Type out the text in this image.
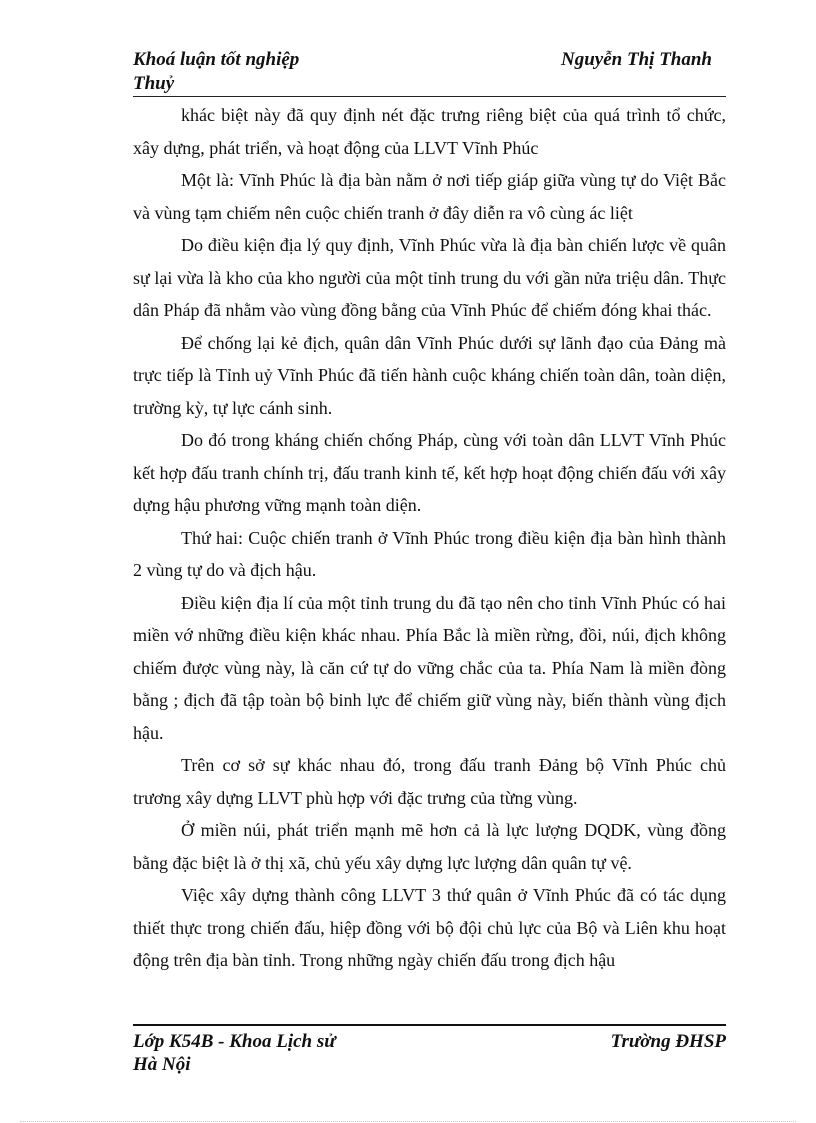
Khoá luận tốt nghiệp	Nguyễn Thị Thanh
Thuỷ

khác biệt này đã quy định nét đặc trưng riêng biệt của quá trình tổ chức, xây dựng, phát triển, và hoạt động của LLVT Vĩnh Phúc

Một là: Vĩnh Phúc là địa bàn nằm ở nơi tiếp giáp giữa vùng tự do Việt Bắc và vùng tạm chiếm nên cuộc chiến tranh ở đây diễn ra vô cùng ác liệt

Do điều kiện địa lý quy định, Vĩnh Phúc vừa là địa bàn chiến lược về quân sự lại vừa là kho của kho người của một tỉnh trung du với gần nửa triệu dân. Thực dân Pháp đã nhằm vào vùng đồng bằng của Vĩnh Phúc để chiếm đóng khai thác.

Để chống lại kẻ địch, quân dân Vĩnh Phúc dưới sự lãnh đạo của Đảng mà trực tiếp là Tỉnh uỷ Vĩnh Phúc đã tiến hành cuộc kháng chiến toàn dân, toàn diện, trường kỳ, tự lực cánh sinh.

Do đó trong kháng chiến chống Pháp, cùng với toàn dân LLVT Vĩnh Phúc kết hợp đấu tranh chính trị, đấu tranh kinh tế, kết hợp hoạt động chiến đấu với xây dựng hậu phương vững mạnh toàn diện.

Thứ hai: Cuộc chiến tranh ở Vĩnh Phúc trong điều kiện địa bàn hình thành 2 vùng tự do và địch hậu.

Điều kiện địa lí của một tỉnh trung du đã tạo nên cho tỉnh Vĩnh Phúc có hai miền vớ những điều kiện khác nhau. Phía Bắc là miền rừng, đồi, núi, địch không chiếm được vùng này, là căn cứ tự do vững chắc của ta. Phía Nam là miền đòng bằng ; địch đã tập toàn bộ binh lực để chiếm giữ vùng này, biến thành vùng địch hậu.

Trên cơ sở sự khác nhau đó, trong đấu tranh Đảng bộ Vĩnh Phúc chủ trương xây dựng LLVT phù hợp với đặc trưng của từng vùng.

Ở miền núi, phát triển mạnh mẽ hơn cả là lực lượng DQDK, vùng đồng bằng đặc biệt là ở thị xã, chủ yếu xây dựng lực lượng dân quân tự vệ.

Việc xây dựng thành công LLVT 3 thứ quân ở Vĩnh Phúc đã có tác dụng thiết thực trong chiến đấu, hiệp đồng với bộ đội chủ lực của Bộ và Liên khu hoạt động trên địa bàn tỉnh. Trong những ngày chiến đấu trong địch hậu

Lớp K54B - Khoa Lịch sử	Trường ĐHSP
Hà Nội
